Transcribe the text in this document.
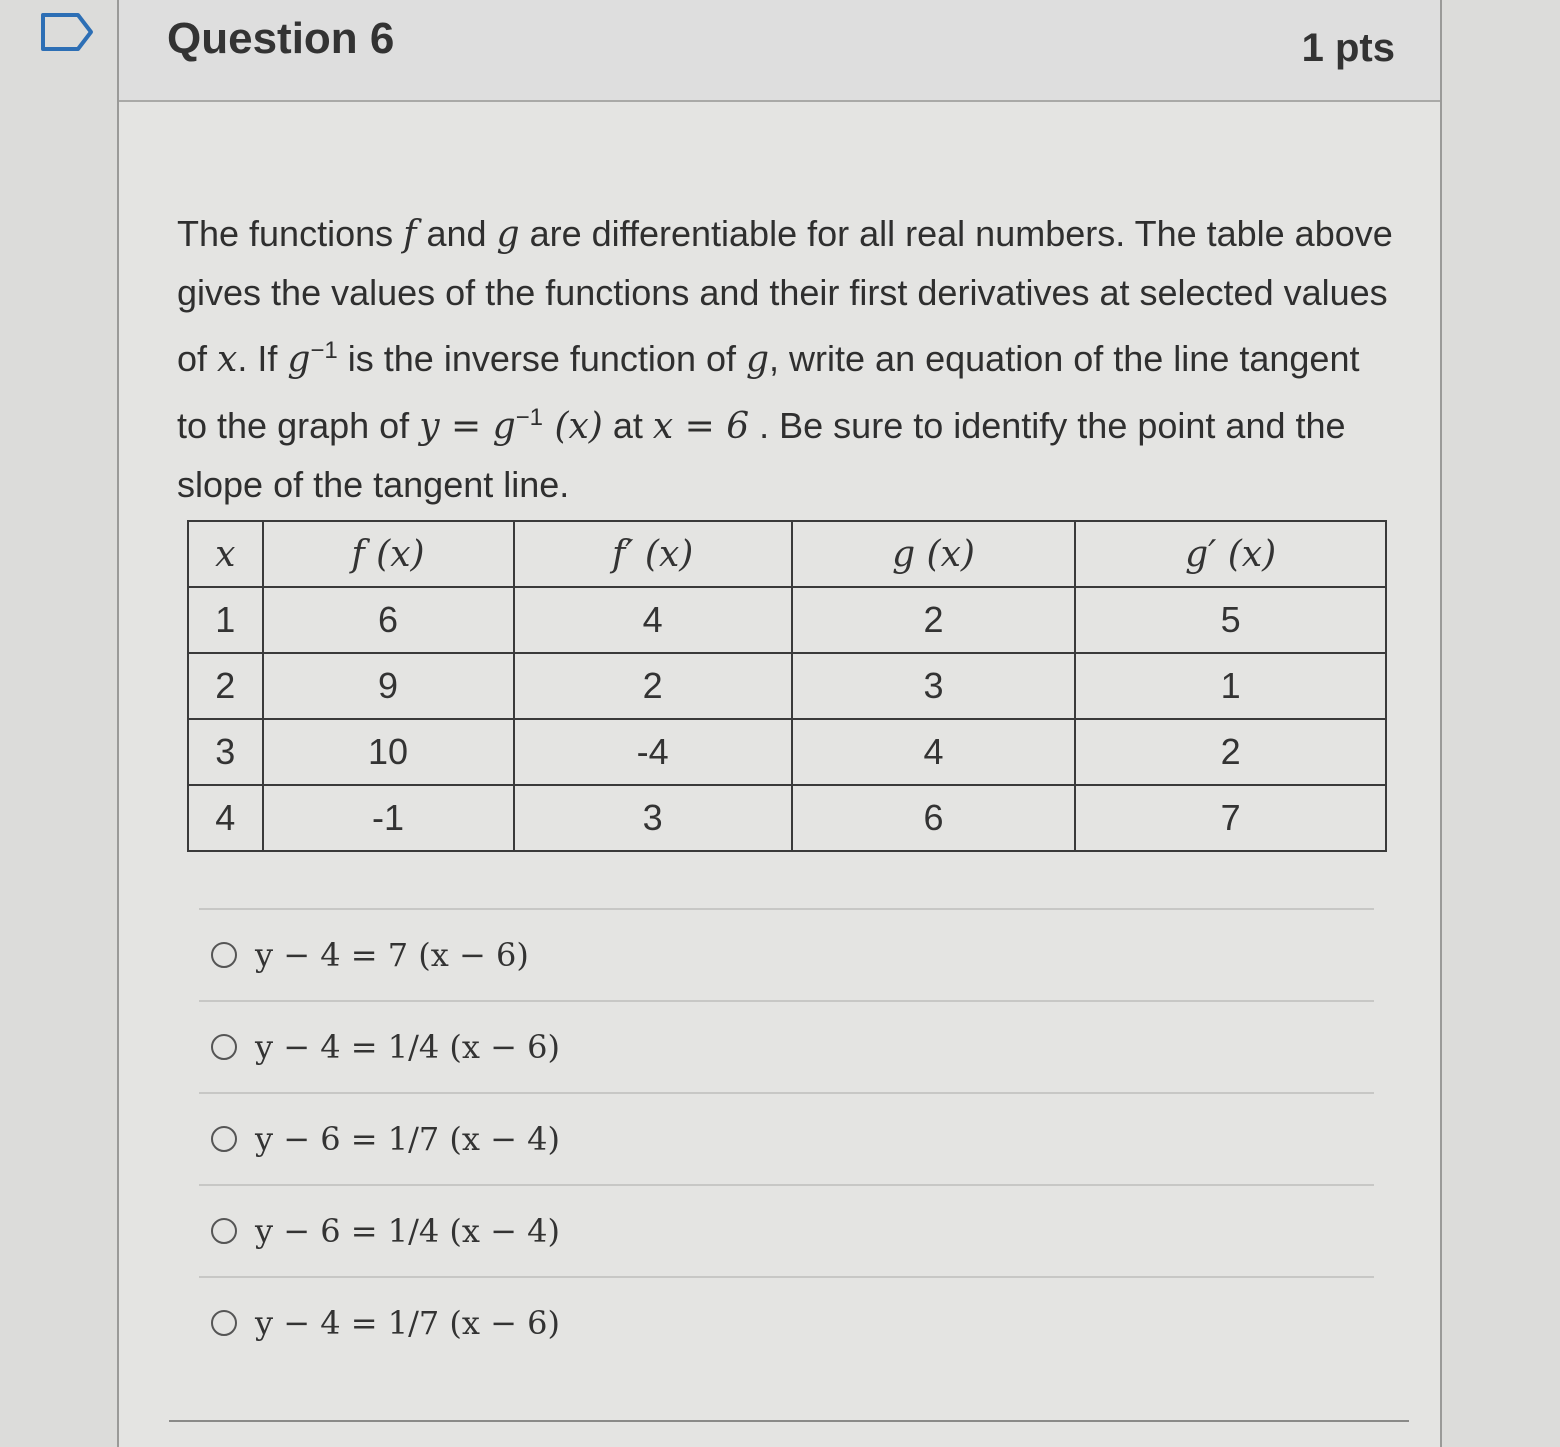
Question 6	1 pts
The functions f and g are differentiable for all real numbers. The table above gives the values of the functions and their first derivatives at selected values of x. If $g^{-1}$ is the inverse function of g, write an equation of the line tangent to the graph of $y = g^{-1}$ (x) at x = 6 . Be sure to identify the point and the slope of the tangent line.
x	f (x)	f′ (x)	g (x)	g′ (x)
1	6	4	2	5
2	9	2	3	1
3	10	-4	4	2
4	-1	3	6	7
y − 4 = 7 (x − 6)
y − 4 = 1/4 (x − 6)
y − 6 = 1/7 (x − 4)
y − 6 = 1/4 (x − 4)
y − 4 = 1/7 (x − 6)
